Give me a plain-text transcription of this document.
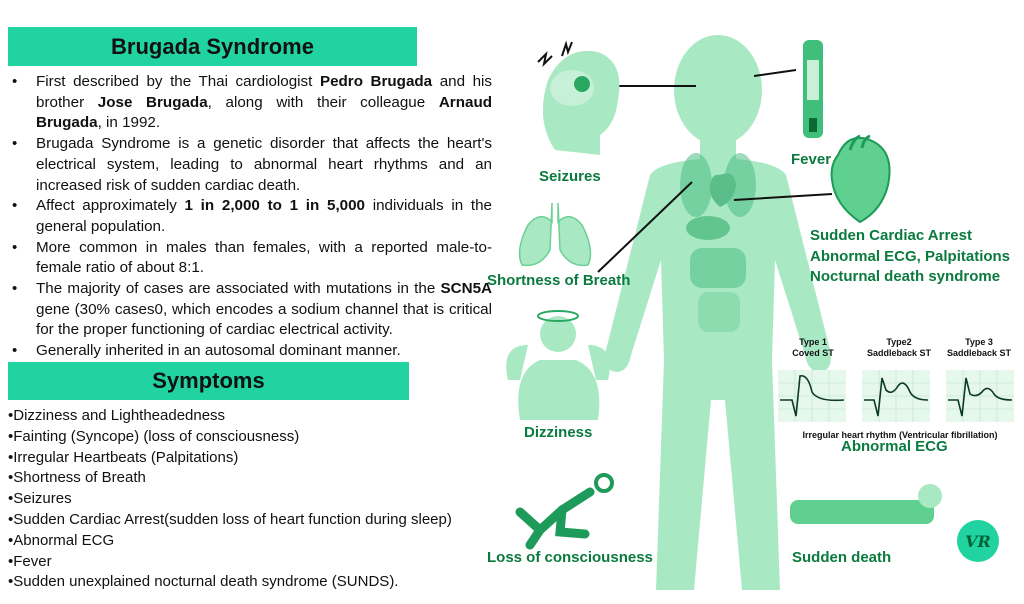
Brugada Syndrome
• First described by the Thai cardiologist Pedro Brugada and his brother Jose Brugada, along with their colleague Arnaud Brugada, in 1992.
• Brugada Syndrome is a genetic disorder that affects the heart's electrical system, leading to abnormal heart rhythms and an increased risk of sudden cardiac death.
• Affect approximately 1 in 2,000 to 1 in 5,000 individuals in the general population.
• More common in males than females, with a reported male-to-female ratio of about 8:1.
• The majority of cases are associated with mutations in the SCN5A gene (30% cases0, which encodes a sodium channel that is critical for the proper functioning of cardiac electrical activity.
• Generally inherited in an autosomal dominant manner.
Symptoms
•Dizziness and Lightheadedness
•Fainting (Syncope) (loss of consciousness)
•Irregular Heartbeats (Palpitations)
•Shortness of Breath
•Seizures
•Sudden Cardiac Arrest(sudden loss of heart function during sleep)
•Abnormal ECG
•Fever
•Sudden unexplained nocturnal death syndrome (SUNDS).
Type 1
Coved ST
Type2
Saddleback ST
Type 3
Saddleback ST
Irregular heart rhythm (Ventricular fibrillation)
Seizures
Fever
Sudden Cardiac Arrest
Abnormal ECG, Palpitations
Nocturnal death syndrome
Shortness of Breath
Dizziness
Abnormal ECG
Loss of consciousness	Sudden death
VR
